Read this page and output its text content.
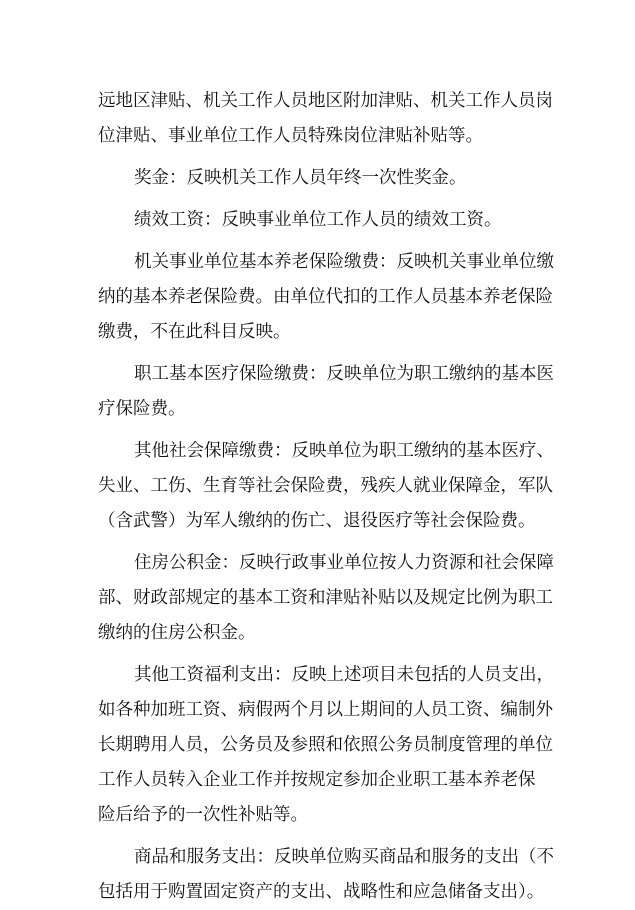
远地区津贴、机关工作人员地区附加津贴、机关工作人员岗
位津贴、事业单位工作人员特殊岗位津贴补贴等。
奖金：反映机关工作人员年终一次性奖金。
绩效工资：反映事业单位工作人员的绩效工资。
机关事业单位基本养老保险缴费：反映机关事业单位缴
纳的基本养老保险费。由单位代扣的工作人员基本养老保险
缴费，不在此科目反映。
职工基本医疗保险缴费：反映单位为职工缴纳的基本医
疗保险费。
其他社会保障缴费：反映单位为职工缴纳的基本医疗、
失业、工伤、生育等社会保险费，残疾人就业保障金，军队
（含武警）为军人缴纳的伤亡、退役医疗等社会保险费。
住房公积金：反映行政事业单位按人力资源和社会保障
部、财政部规定的基本工资和津贴补贴以及规定比例为职工
缴纳的住房公积金。
其他工资福利支出：反映上述项目未包括的人员支出，
如各种加班工资、病假两个月以上期间的人员工资、编制外
长期聘用人员，公务员及参照和依照公务员制度管理的单位
工作人员转入企业工作并按规定参加企业职工基本养老保
险后给予的一次性补贴等。
商品和服务支出：反映单位购买商品和服务的支出（不
包括用于购置固定资产的支出、战略性和应急储备支出）。
